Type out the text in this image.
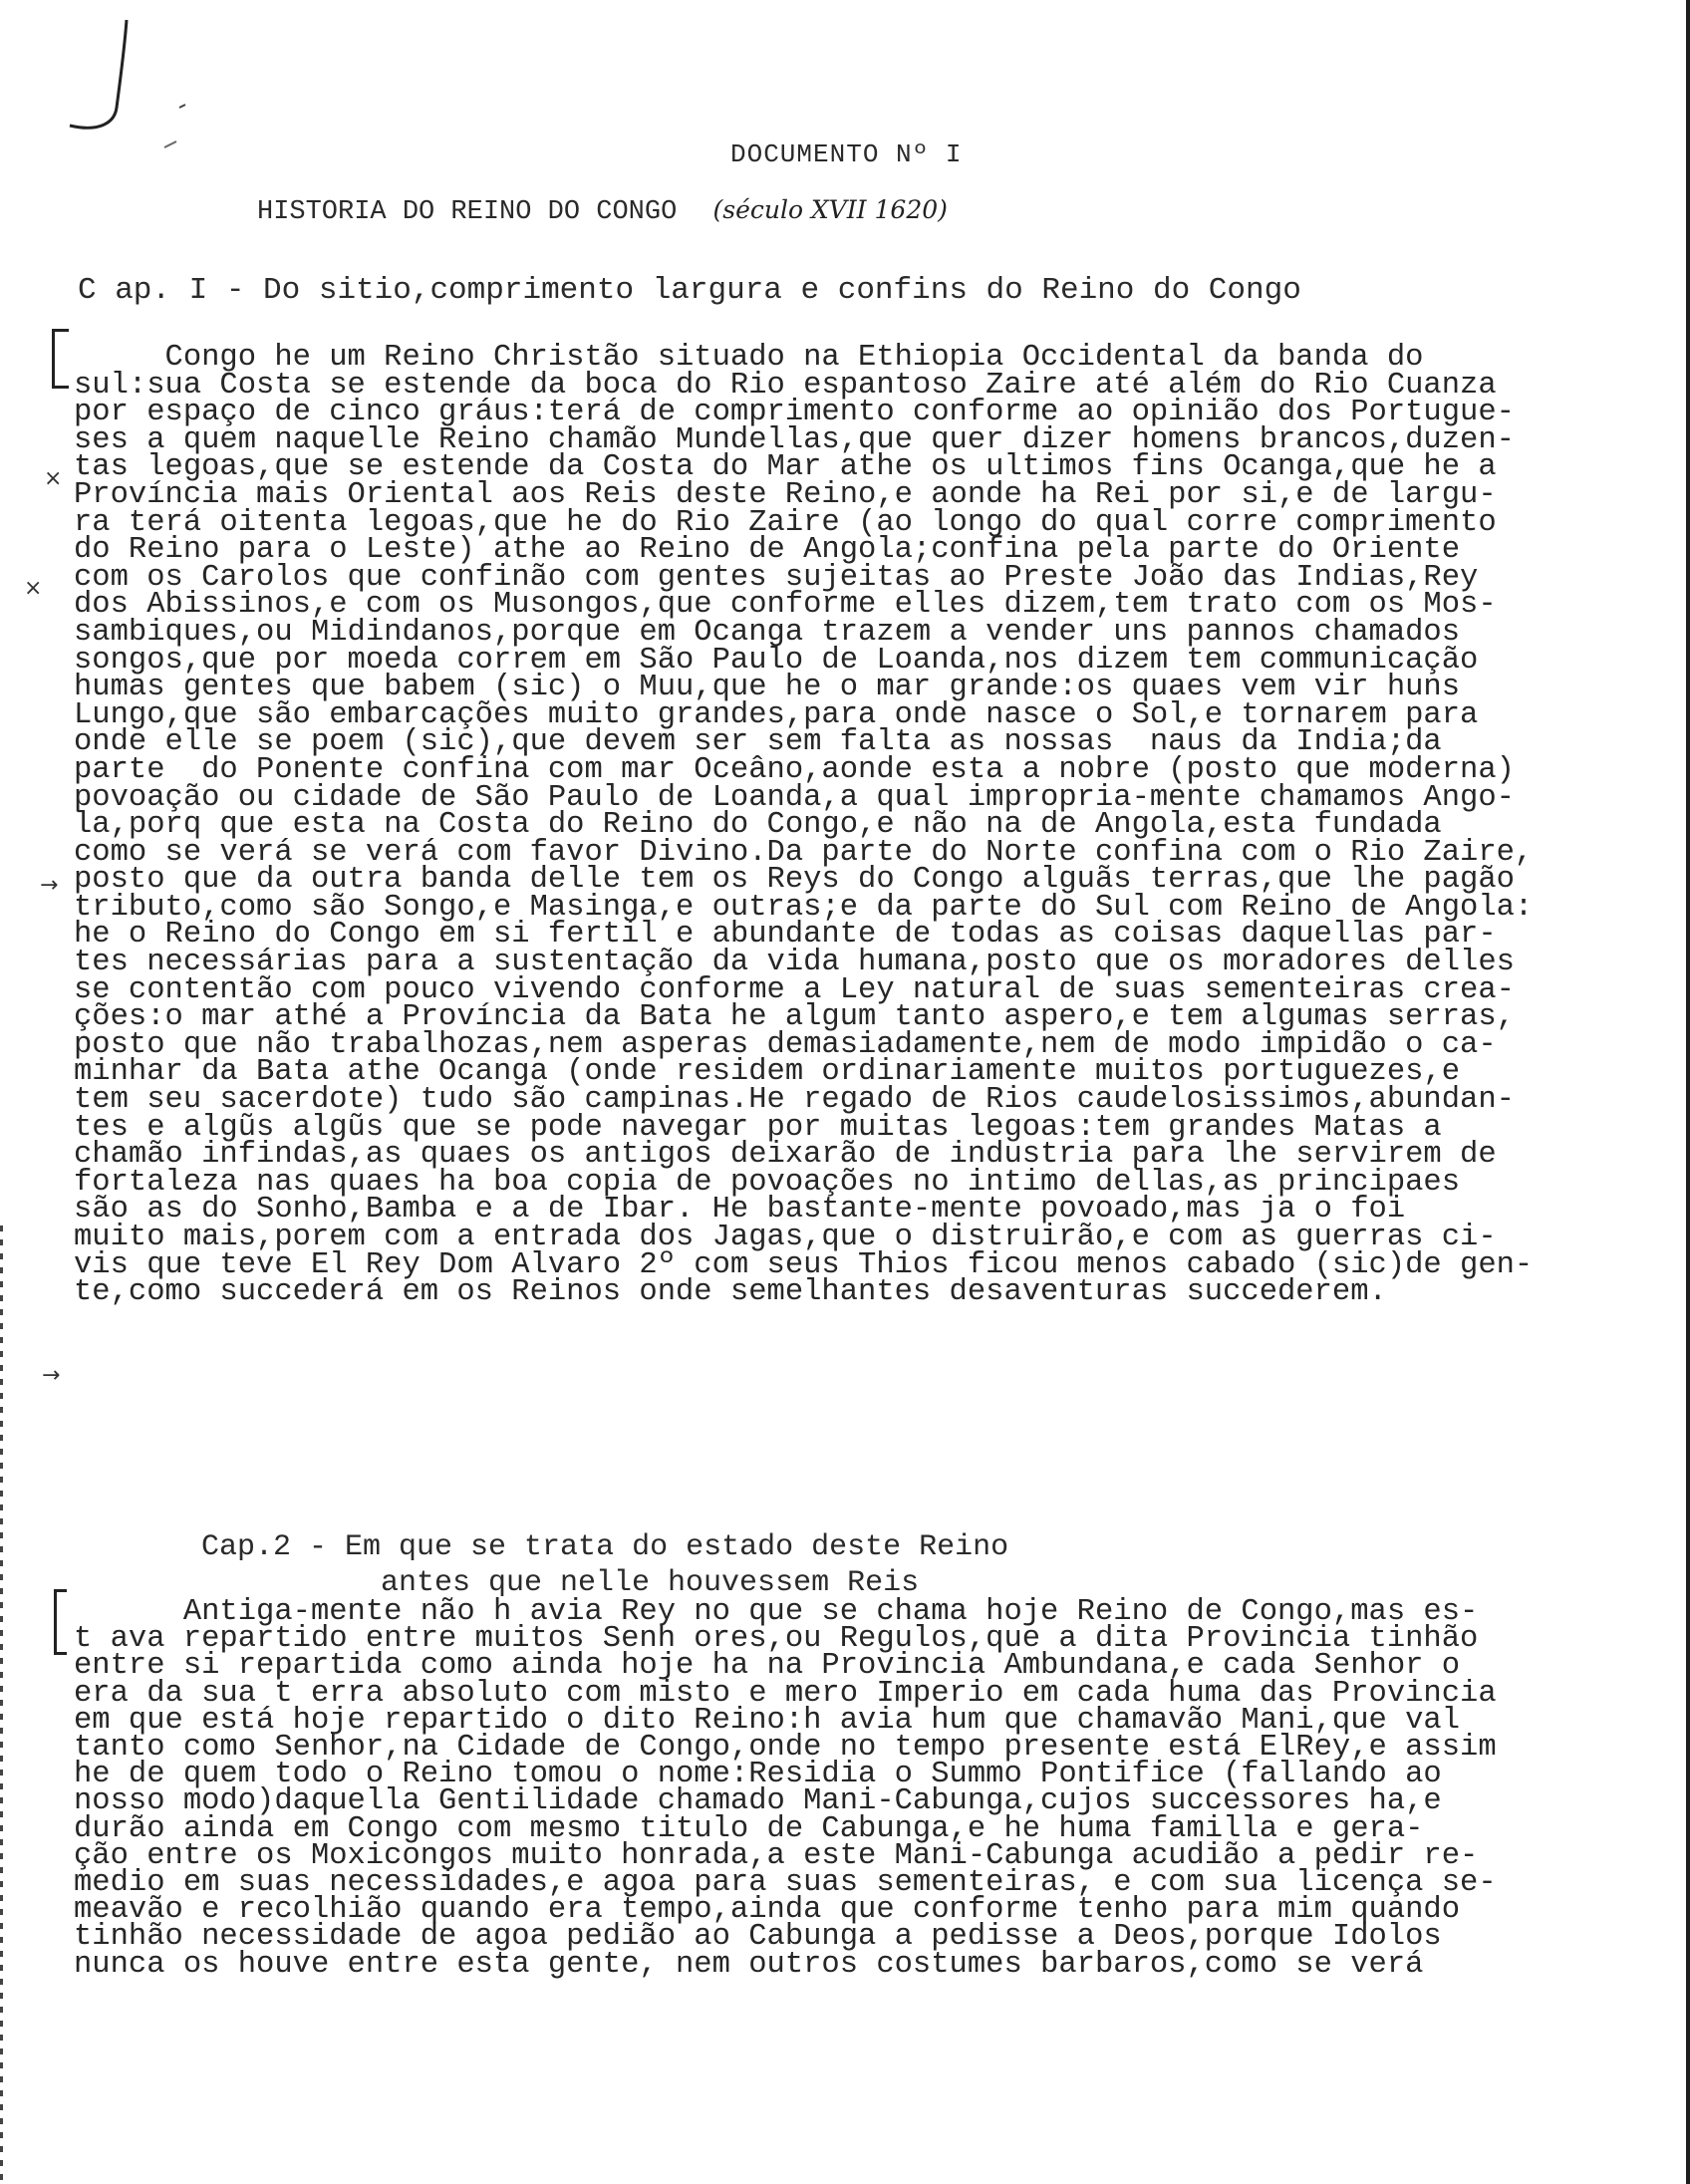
DOCUMENTO Nº I
HISTORIA DO REINO DO CONGO (século XVII 1620)
C ap. I - Do sitio,comprimento largura e confins do Reino do Congo
×
×
→
→
Congo he um Reino Christão situado na Ethiopia Occidental da banda do
sul:sua Costa se estende da boca do Rio espantoso Zaire até além do Rio Cuanza
por espaço de cinco gráus:terá de comprimento conforme ao opinião dos Portugue-
ses a quem naquelle Reino chamão Mundellas,que quer dizer homens brancos,duzen-
tas legoas,que se estende da Costa do Mar athe os ultimos fins Ocanga,que he a
Província mais Oriental aos Reis deste Reino,e aonde ha Rei por si,e de largu-
ra terá oitenta legoas,que he do Rio Zaire (ao longo do qual corre comprimento
do Reino para o Leste) athe ao Reino de Angola;confina pela parte do Oriente
com os Carolos que confinão com gentes sujeitas ao Preste João das Indias,Rey
dos Abissinos,e com os Musongos,que conforme elles dizem,tem trato com os Mos-
sambiques,ou Midindanos,porque em Ocanga trazem a vender uns pannos chamados
songos,que por moeda correm em São Paulo de Loanda,nos dizem tem communicação
humas gentes que babem (sic) o Muu,que he o mar grande:os quaes vem vir huns
Lungo,que são embarcações muito grandes,para onde nasce o Sol,e tornarem para
onde elle se poem (sic),que devem ser sem falta as nossas  naus da India;da
parte  do Ponente confina com mar Oceâno,aonde esta a nobre (posto que moderna)
povoação ou cidade de São Paulo de Loanda,a qual impropria-mente chamamos Ango-
la,porq que esta na Costa do Reino do Congo,e não na de Angola,esta fundada
como se verá se verá com favor Divino.Da parte do Norte confina com o Rio Zaire,
posto que da outra banda delle tem os Reys do Congo alguãs terras,que lhe pagão
tributo,como são Songo,e Masinga,e outras;e da parte do Sul com Reino de Angola:
he o Reino do Congo em si fertil e abundante de todas as coisas daquellas par-
tes necessárias para a sustentação da vida humana,posto que os moradores delles
se contentão com pouco vivendo conforme a Ley natural de suas sementeiras crea-
ções:o mar athé a Província da Bata he algum tanto aspero,e tem algumas serras,
posto que não trabalhozas,nem asperas demasiadamente,nem de modo impidão o ca-
minhar da Bata athe Ocanga (onde residem ordinariamente muitos portuguezes,e
tem seu sacerdote) tudo são campinas.He regado de Rios caudelosissimos,abundan-
tes e algũs algũs que se pode navegar por muitas legoas:tem grandes Matas a
chamão infindas,as quaes os antigos deixarão de industria para lhe servirem de
fortaleza nas quaes ha boa copia de povoações no intimo dellas,as principaes
são as do Sonho,Bamba e a de Ibar. He bastante-mente povoado,mas ja o foi
muito mais,porem com a entrada dos Jagas,que o distruirão,e com as guerras ci-
vis que teve El Rey Dom Alvaro 2º com seus Thios ficou menos cabado (sic)de gen-
te,como succederá em os Reinos onde semelhantes desaventuras succederem.
Cap.2 - Em que se trata do estado deste Reino
antes que nelle houvessem Reis
Antiga-mente não h avia Rey no que se chama hoje Reino de Congo,mas es-
t ava repartido entre muitos Senh ores,ou Regulos,que a dita Provincia tinhão
entre si repartida como ainda hoje ha na Provincia Ambundana,e cada Senhor o
era da sua t erra absoluto com misto e mero Imperio em cada huma das Provincia
em que está hoje repartido o dito Reino:h avia hum que chamavão Mani,que val
tanto como Senhor,na Cidade de Congo,onde no tempo presente está ElRey,e assim
he de quem todo o Reino tomou o nome:Residia o Summo Pontifice (fallando ao
nosso modo)daquella Gentilidade chamado Mani-Cabunga,cujos successores ha,e
durão ainda em Congo com mesmo titulo de Cabunga,e he huma familla e gera-
ção entre os Moxicongos muito honrada,a este Mani-Cabunga acudião a pedir re-
medio em suas necessidades,e agoa para suas sementeiras, e com sua licença se-
meavão e recolhião quando era tempo,ainda que conforme tenho para mim quando
tinhão necessidade de agoa pedião ao Cabunga a pedisse a Deos,porque Idolos
nunca os houve entre esta gente, nem outros costumes barbaros,como se verá
